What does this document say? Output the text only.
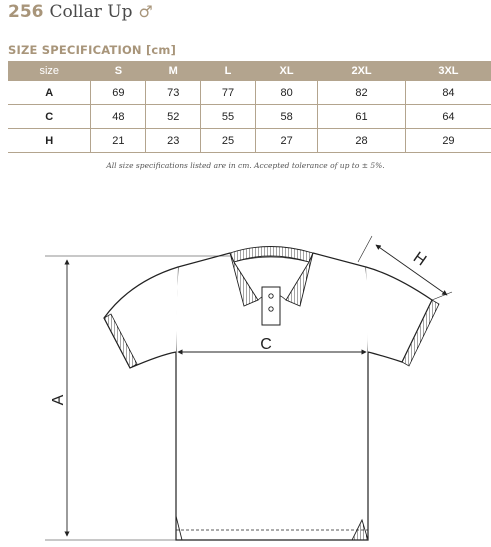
256 Collar Up ♂
SIZE SPECIFICATION [cm]
size	S	M	L	XL	2XL	3XL
A	69	73	77	80	82	84
C	48	52	55	58	61	64
H	21	23	25	27	28	29
All size specifications listed are in cm. Accepted tolerance of up to ± 5%.
A
C
H
